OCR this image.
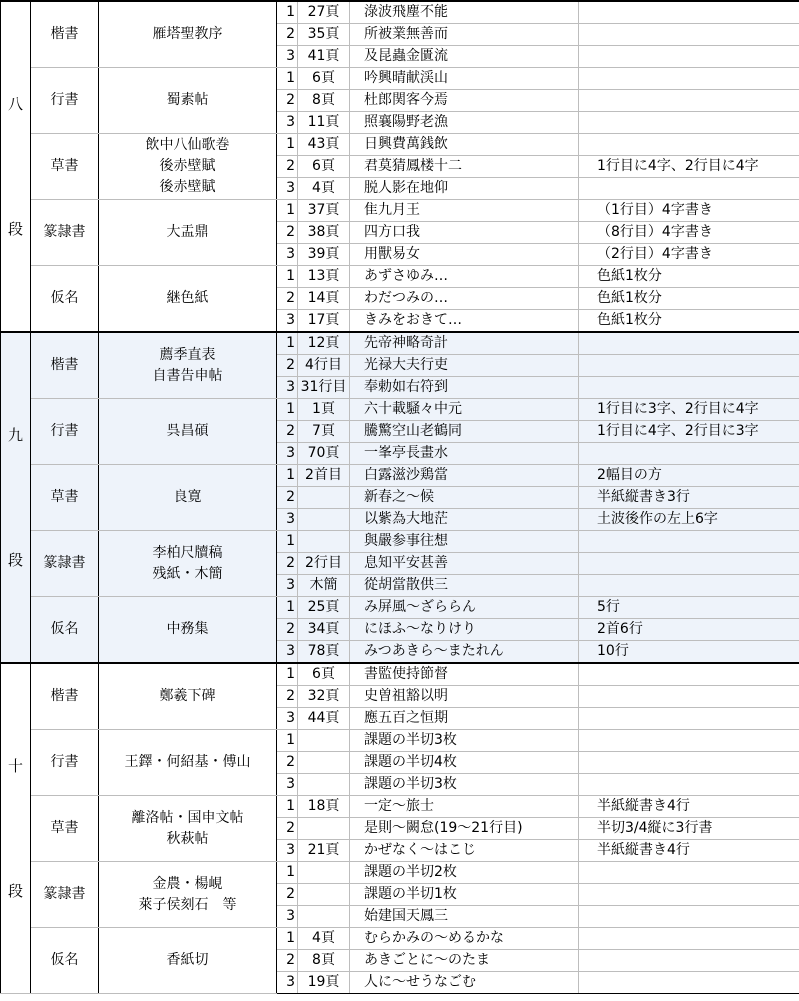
八
段	楷書	雁塔聖教序	1	27頁	淥波飛塵不能	
			2	35頁	所被業無善而	
			3	41頁	及昆蟲金匱流	
	行書	蜀素帖	1	6頁	吟興晴献渓山	
			2	8頁	杜郎関客今焉	
			3	11頁	照襄陽野老漁	
	草書	飲中八仙歌巻
後赤壁賦
後赤壁賦	1	43頁	日興費萬銭飲	
			2	6頁	君莫猜鳳楼十二	1行目に4字、2行目に4字
			3	4頁	脱人影在地仰	
	篆隷書	大盂鼎	1	37頁	隹九月王	（1行目）4字書き
			2	38頁	四方口我	（8行目）4字書き
			3	39頁	用獸易女	（2行目）4字書き
	仮名	継色紙	1	13頁	あずさゆみ…	色紙1枚分
			2	14頁	わだつみの…	色紙1枚分
			3	17頁	きみをおきて…	色紙1枚分

九
段	楷書	薦季直表
自書告申帖	1	12頁	先帝神略奇計	
			2	4行目	光禄大夫行吏	
			3	31行目	奉勅如右符到	
	行書	呉昌碩	1	1頁	六十載騒々中元	1行目に3字、2行目に4字
			2	7頁	騰驚空山老鶴同	1行目に4字、2行目に3字
			3	70頁	一峯亭長畫水	
	草書	良寛	1	2首目	白露滋沙鶏當	2幅目の方
			2		新春之～候	半紙縦書き3行
			3		以紫為大地茫	土波後作の左上6字
	篆隷書	李柏尺牘稿
残紙・木簡	1		與嚴参事往想	
			2	2行目	息知平安甚善	
			3	木簡	從胡當散供三	
	仮名	中務集	1	25頁	み屏風～ざららん	5行
			2	34頁	にほふ～なりけり	2首6行
			3	78頁	みつあきら～またれん	10行

十
段	楷書	鄭羲下碑	1	6頁	書監使持節督	
			2	32頁	史曽祖豁以明	
			3	44頁	應五百之恒期	
	行書	王鐸・何紹基・傅山	1		課題の半切3枚	
			2		課題の半切4枚	
			3		課題の半切3枚	
	草書	離洛帖・国申文帖
秋萩帖	1	18頁	一定～旅士	半紙縦書き4行
			2		是則～闕怠(19～21行目)	半切3/4縦に3行書
			3	21頁	かぜなく～はこじ	半紙縦書き4行
	篆隷書	金農・楊峴
萊子侯刻石　等	1		課題の半切2枚	
			2		課題の半切1枚	
			3		始建国天鳳三	
	仮名	香紙切	1	4頁	むらかみの～めるかな	
			2	8頁	あきごとに～のたま	
			3	19頁	人に～せうなごむ	
